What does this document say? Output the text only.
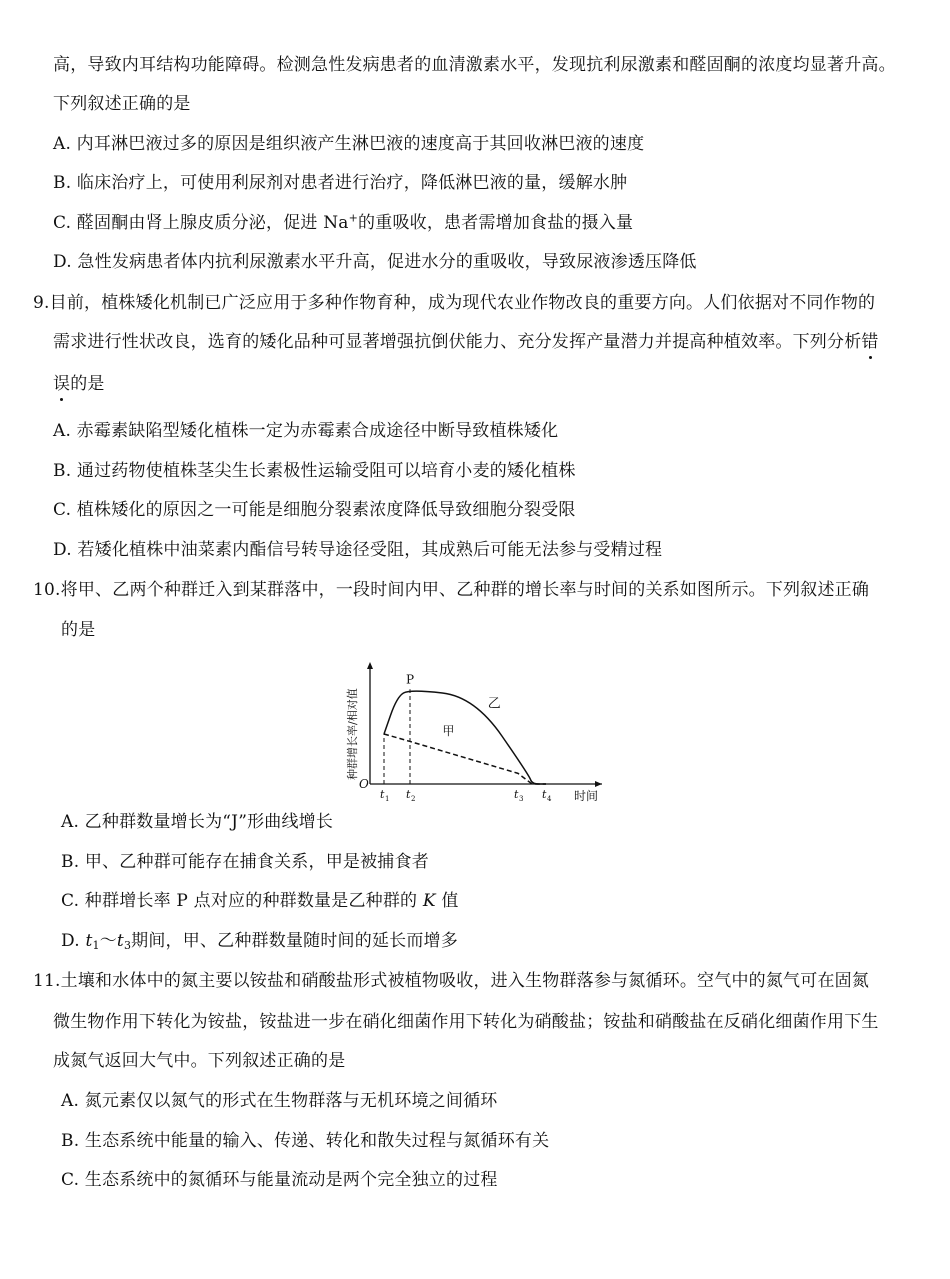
高，导致内耳结构功能障碍。检测急性发病患者的血清激素水平，发现抗利尿激素和醛固酮的浓度均显著升高。
下列叙述正确的是
A. 内耳淋巴液过多的原因是组织液产生淋巴液的速度高于其回收淋巴液的速度
B. 临床治疗上，可使用利尿剂对患者进行治疗，降低淋巴液的量，缓解水肿
C. 醛固酮由肾上腺皮质分泌，促进 Na+的重吸收，患者需增加食盐的摄入量
D. 急性发病患者体内抗利尿激素水平升高，促进水分的重吸收，导致尿液渗透压降低
9.目前，植株矮化机制已广泛应用于多种作物育种，成为现代农业作物改良的重要方向。人们依据对不同作物的
需求进行性状改良，选育的矮化品种可显著增强抗倒伏能力、充分发挥产量潜力并提高种植效率。下列分析错
误的是
A. 赤霉素缺陷型矮化植株一定为赤霉素合成途径中断导致植株矮化
B. 通过药物使植株茎尖生长素极性运输受阻可以培育小麦的矮化植株
C. 植株矮化的原因之一可能是细胞分裂素浓度降低导致细胞分裂受限
D. 若矮化植株中油菜素内酯信号转导途径受阻，其成熟后可能无法参与受精过程
10.将甲、乙两个种群迁入到某群落中，一段时间内甲、乙种群的增长率与时间的关系如图所示。下列叙述正确
的是
乙
甲
P
O
t 1 t 2	t 3 t 4 时间
种群增长率/相对值
A. 乙种群数量增长为“J”形曲线增长
B. 甲、乙种群可能存在捕食关系，甲是被捕食者
C. 种群增长率 P 点对应的种群数量是乙种群的 K 值
D. $t_1\sim t_3$期间，甲、乙种群数量随时间的延长而增多
11.土壤和水体中的氮主要以铵盐和硝酸盐形式被植物吸收，进入生物群落参与氮循环。空气中的氮气可在固氮
微生物作用下转化为铵盐，铵盐进一步在硝化细菌作用下转化为硝酸盐；铵盐和硝酸盐在反硝化细菌作用下生
成氮气返回大气中。下列叙述正确的是
A. 氮元素仅以氮气的形式在生物群落与无机环境之间循环
B. 生态系统中能量的输入、传递、转化和散失过程与氮循环有关
C. 生态系统中的氮循环与能量流动是两个完全独立的过程
